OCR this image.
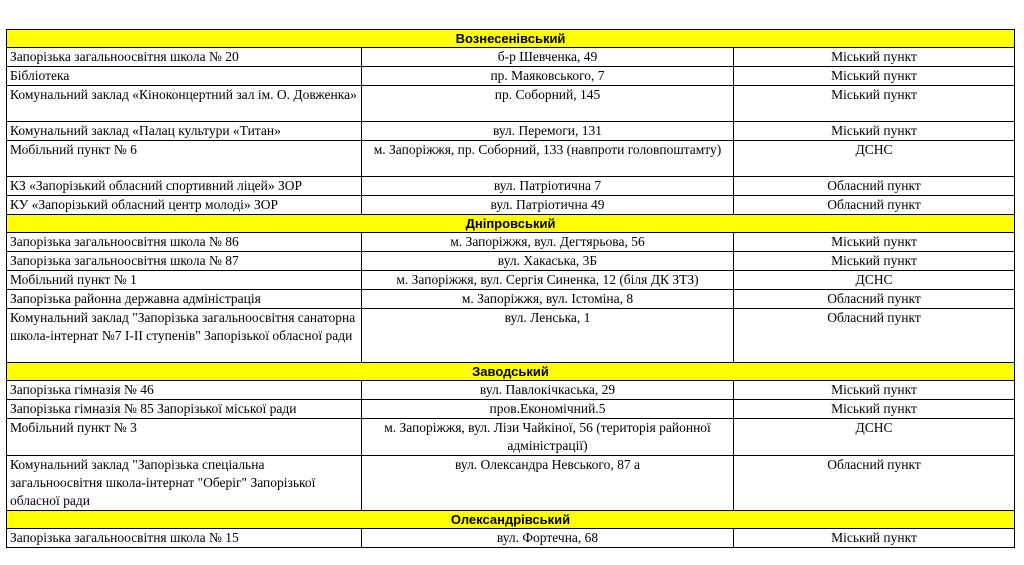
Вознесенівський		
Запорізька загальноосвітня школа № 20	б-р Шевченка, 49	Міський пункт
Бібліотека	пр. Маяковського, 7	Міський пункт
Комунальний заклад «Кіноконцертний зал ім. О. Довженка»	пр. Соборний, 145	Міський пункт
Комунальний заклад «Палац культури «Титан»	вул. Перемоги, 131	Міський пункт
Мобільний пункт № 6	м. Запоріжжя, пр. Соборний, 133 (навпроти головпоштамту)	ДСНС
КЗ «Запорізький обласний спортивний ліцей» ЗОР	вул. Патріотична 7	Обласний пункт
КУ «Запорізький обласний центр молоді» ЗОР	вул. Патріотична 49	Обласний пункт
Дніпровський		
Запорізька загальноосвітня школа № 86	м. Запоріжжя, вул. Дегтярьова, 56	Міський пункт
Запорізька загальноосвітня школа № 87	вул. Хакаська, 3Б	Міський пункт
Мобільний пункт № 1	м. Запоріжжя, вул. Сергія Синенка, 12 (біля ДК ЗТЗ)	ДСНС
Запорізька районна державна адміністрація	м. Запоріжжя, вул. Істоміна, 8	Обласний пункт
Комунальний заклад "Запорізька загальноосвітня санаторна школа-інтернат №7 I-II ступенів" Запорізької обласної ради	вул. Ленська, 1	Обласний пункт
Заводський		
Запорізька гімназія № 46	вул. Павлокічкаська, 29	Міський пункт
Запорізька гімназія № 85 Запорізької міської ради	пров.Економічний.5	Міський пункт
Мобільний пункт № 3	м. Запоріжжя, вул. Лізи Чайкіної, 56 (територія районної адміністрації)	ДСНС
Комунальний заклад "Запорізька спеціальна загальноосвітня школа-інтернат "Оберіг" Запорізької обласної ради	вул. Олександра Невського, 87 а	Обласний пункт
Олександрівський		
Запорізька загальноосвітня школа № 15	вул. Фортечна, 68	Міський пункт
